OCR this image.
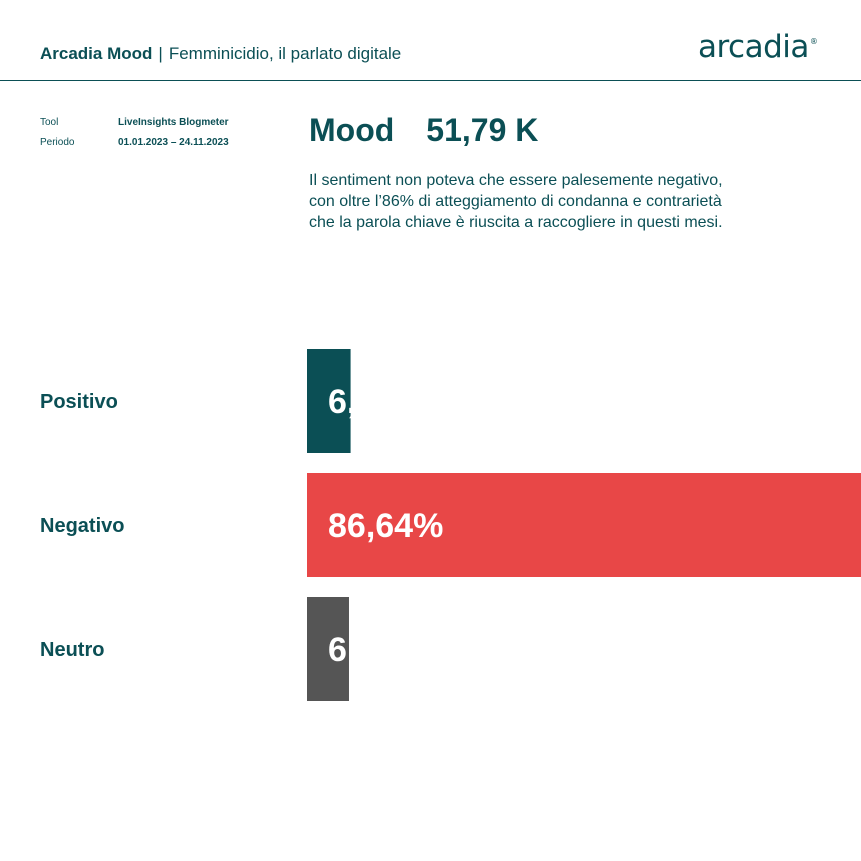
Arcadia Mood | Femminicidio, il parlato digitale	arcadia®
Tool	LiveInsights Blogmeter
Periodo	01.01.2023 – 24.11.2023	Mood 51,79 K
Il sentiment non poteva che essere palesemente negativo,
con oltre l’86% di atteggiamento di condanna e contrarietà
che la parola chiave è riuscita a raccogliere in questi mesi.
Positivo	6,81%
Negativo	86,64%
Neutro	6,56%
